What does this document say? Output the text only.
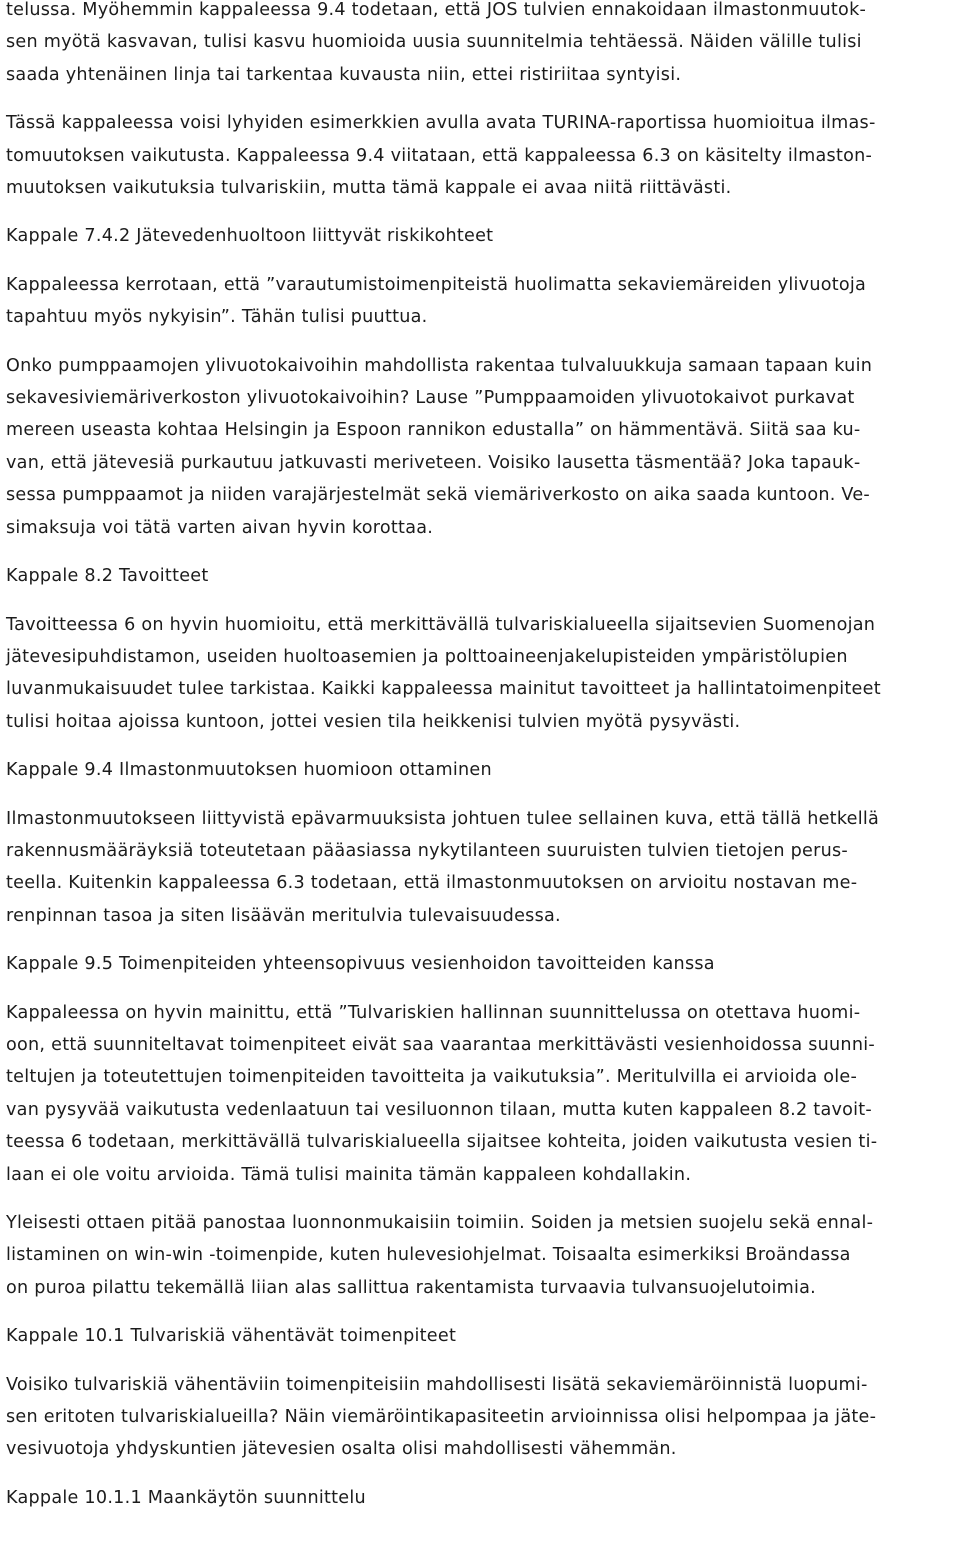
telussa. Myöhemmin kappaleessa 9.4 todetaan, että JOS tulvien ennakoidaan ilmastonmuutok-
sen myötä kasvavan, tulisi kasvu huomioida uusia suunnitelmia tehtäessä. Näiden välille tulisi
saada yhtenäinen linja tai tarkentaa kuvausta niin, ettei ristiriitaa syntyisi.
Tässä kappaleessa voisi lyhyiden esimerkkien avulla avata TURINA-raportissa huomioitua ilmas-
tomuutoksen vaikutusta. Kappaleessa 9.4 viitataan, että kappaleessa 6.3 on käsitelty ilmaston-
muutoksen vaikutuksia tulvariskiin, mutta tämä kappale ei avaa niitä riittävästi.
Kappale 7.4.2 Jätevedenhuoltoon liittyvät riskikohteet
Kappaleessa kerrotaan, että ”varautumistoimenpiteistä huolimatta sekaviemäreiden ylivuotoja
tapahtuu myös nykyisin”. Tähän tulisi puuttua.
Onko pumppaamojen ylivuotokaivoihin mahdollista rakentaa tulvaluukkuja samaan tapaan kuin
sekavesiviemäriverkoston ylivuotokaivoihin? Lause ”Pumppaamoiden ylivuotokaivot purkavat
mereen useasta kohtaa Helsingin ja Espoon rannikon edustalla” on hämmentävä. Siitä saa ku-
van, että jätevesiä purkautuu jatkuvasti meriveteen. Voisiko lausetta täsmentää? Joka tapauk-
sessa pumppaamot ja niiden varajärjestelmät sekä viemäriverkosto on aika saada kuntoon. Ve-
simaksuja voi tätä varten aivan hyvin korottaa.
Kappale 8.2 Tavoitteet
Tavoitteessa 6 on hyvin huomioitu, että merkittävällä tulvariskialueella sijaitsevien Suomenojan
jätevesipuhdistamon, useiden huoltoasemien ja polttoaineenjakelupisteiden ympäristölupien
luvanmukaisuudet tulee tarkistaa. Kaikki kappaleessa mainitut tavoitteet ja hallintatoimenpiteet
tulisi hoitaa ajoissa kuntoon, jottei vesien tila heikkenisi tulvien myötä pysyvästi.
Kappale 9.4 Ilmastonmuutoksen huomioon ottaminen
Ilmastonmuutokseen liittyvistä epävarmuuksista johtuen tulee sellainen kuva, että tällä hetkellä
rakennusmääräyksiä toteutetaan pääasiassa nykytilanteen suuruisten tulvien tietojen perus-
teella. Kuitenkin kappaleessa 6.3 todetaan, että ilmastonmuutoksen on arvioitu nostavan me-
renpinnan tasoa ja siten lisäävän meritulvia tulevaisuudessa.
Kappale 9.5 Toimenpiteiden yhteensopivuus vesienhoidon tavoitteiden kanssa
Kappaleessa on hyvin mainittu, että ”Tulvariskien hallinnan suunnittelussa on otettava huomi-
oon, että suunniteltavat toimenpiteet eivät saa vaarantaa merkittävästi vesienhoidossa suunni-
teltujen ja toteutettujen toimenpiteiden tavoitteita ja vaikutuksia”. Meritulvilla ei arvioida ole-
van pysyvää vaikutusta vedenlaatuun tai vesiluonnon tilaan, mutta kuten kappaleen 8.2 tavoit-
teessa 6 todetaan, merkittävällä tulvariskialueella sijaitsee kohteita, joiden vaikutusta vesien ti-
laan ei ole voitu arvioida. Tämä tulisi mainita tämän kappaleen kohdallakin.
Yleisesti ottaen pitää panostaa luonnonmukaisiin toimiin. Soiden ja metsien suojelu sekä ennal-
listaminen on win-win -toimenpide, kuten hulevesiohjelmat. Toisaalta esimerkiksi Broändassa
on puroa pilattu tekemällä liian alas sallittua rakentamista turvaavia tulvansuojelutoimia.
Kappale 10.1 Tulvariskiä vähentävät toimenpiteet
Voisiko tulvariskiä vähentäviin toimenpiteisiin mahdollisesti lisätä sekaviemäröinnistä luopumi-
sen eritoten tulvariskialueilla? Näin viemäröintikapasiteetin arvioinnissa olisi helpompaa ja jäte-
vesivuotoja yhdyskuntien jätevesien osalta olisi mahdollisesti vähemmän.
Kappale 10.1.1 Maankäytön suunnittelu
